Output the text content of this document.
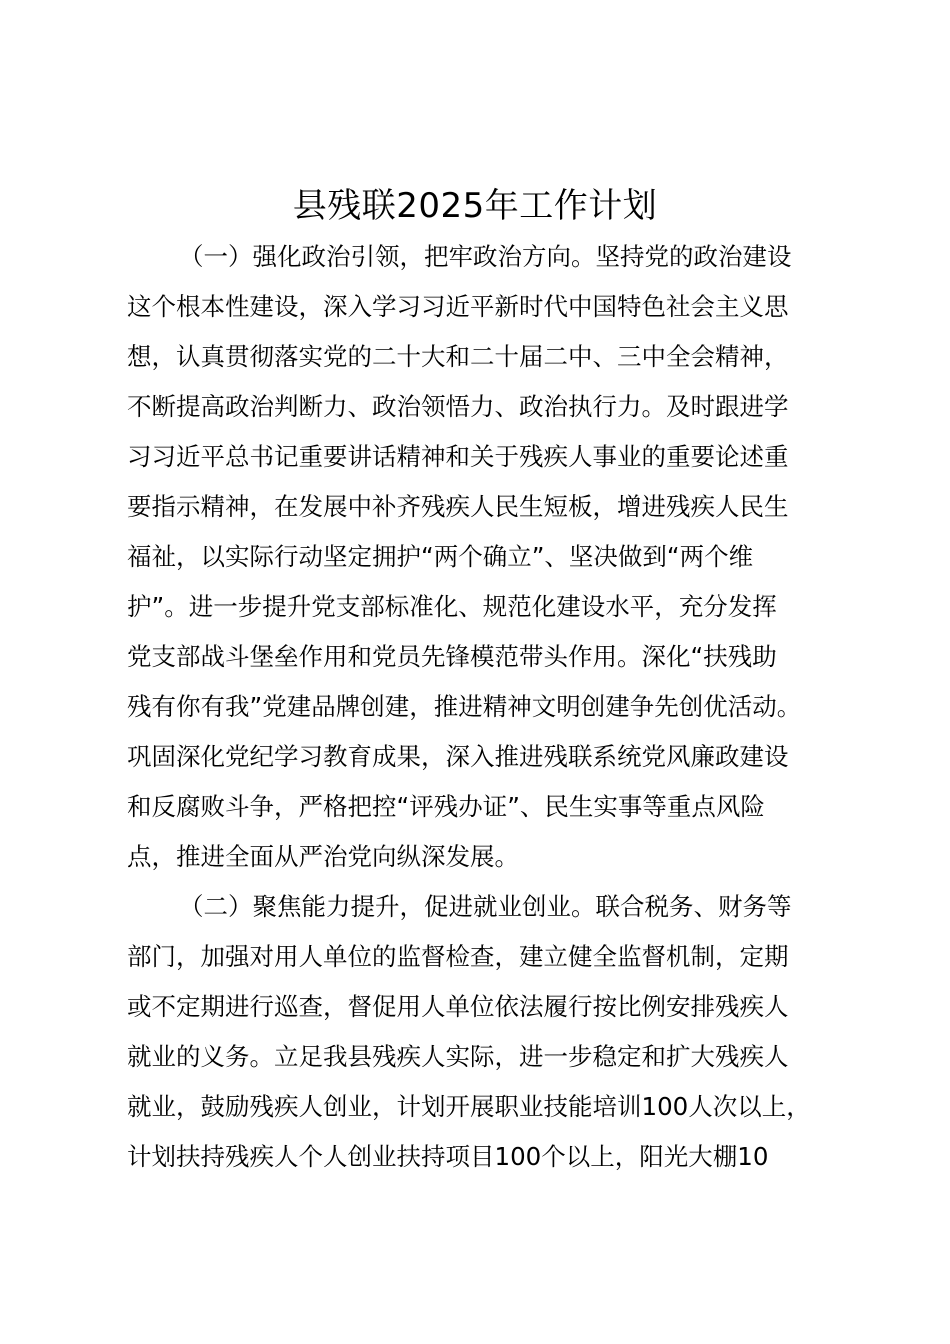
县残联2025年工作计划
（一）强化政治引领，把牢政治方向。坚持党的政治建设
这个根本性建设，深入学习习近平新时代中国特色社会主义思
想，认真贯彻落实党的二十大和二十届二中、三中全会精神，
不断提高政治判断力、政治领悟力、政治执行力。及时跟进学
习习近平总书记重要讲话精神和关于残疾人事业的重要论述重
要指示精神，在发展中补齐残疾人民生短板，增进残疾人民生
福祉，以实际行动坚定拥护“两个确立”、坚决做到“两个维
护”。进一步提升党支部标准化、规范化建设水平，充分发挥
党支部战斗堡垒作用和党员先锋模范带头作用。深化“扶残助
残有你有我”党建品牌创建，推进精神文明创建争先创优活动。
巩固深化党纪学习教育成果，深入推进残联系统党风廉政建设
和反腐败斗争，严格把控“评残办证”、民生实事等重点风险
点，推进全面从严治党向纵深发展。
（二）聚焦能力提升，促进就业创业。联合税务、财务等
部门，加强对用人单位的监督检查，建立健全监督机制，定期
或不定期进行巡查，督促用人单位依法履行按比例安排残疾人
就业的义务。立足我县残疾人实际，进一步稳定和扩大残疾人
就业，鼓励残疾人创业，计划开展职业技能培训100人次以上，
计划扶持残疾人个人创业扶持项目100个以上，阳光大棚10
